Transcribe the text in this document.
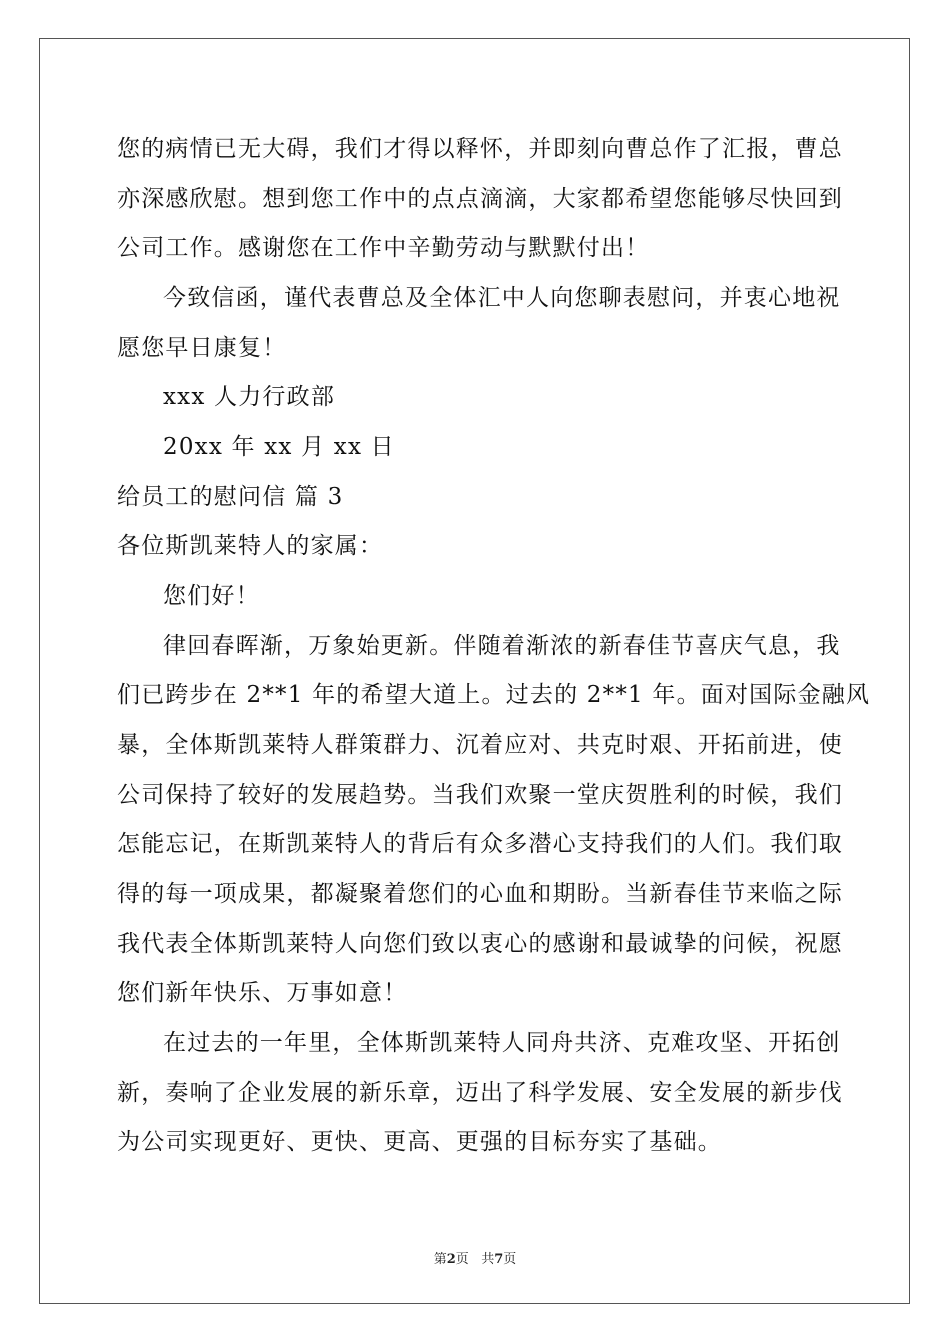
您的病情已无大碍，我们才得以释怀，并即刻向曹总作了汇报，曹总
亦深感欣慰。想到您工作中的点点滴滴，大家都希望您能够尽快回到
公司工作。感谢您在工作中辛勤劳动与默默付出！
今致信函，谨代表曹总及全体汇中人向您聊表慰问，并衷心地祝
愿您早日康复！
xxx 人力行政部
20xx 年 xx 月 xx 日
给员工的慰问信 篇 3
各位斯凯莱特人的家属：
您们好！
律回春晖渐，万象始更新。伴随着渐浓的新春佳节喜庆气息，我
们已跨步在 2**1 年的希望大道上。过去的 2**1 年。面对国际金融风
暴，全体斯凯莱特人群策群力、沉着应对、共克时艰、开拓前进，使
公司保持了较好的发展趋势。当我们欢聚一堂庆贺胜利的时候，我们
怎能忘记，在斯凯莱特人的背后有众多潜心支持我们的人们。我们取
得的每一项成果，都凝聚着您们的心血和期盼。当新春佳节来临之际
我代表全体斯凯莱特人向您们致以衷心的感谢和最诚挚的问候，祝愿
您们新年快乐、万事如意！
在过去的一年里，全体斯凯莱特人同舟共济、克难攻坚、开拓创
新，奏响了企业发展的新乐章，迈出了科学发展、安全发展的新步伐
为公司实现更好、更快、更高、更强的目标夯实了基础。
第2页   共7页
